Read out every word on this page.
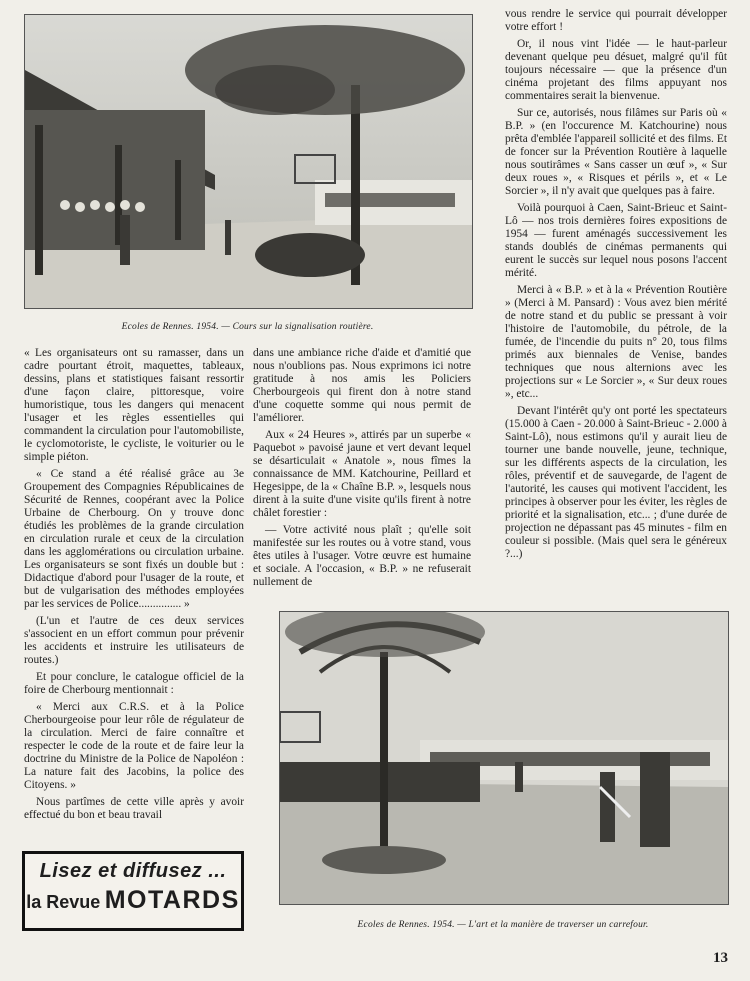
Ecoles de Rennes. 1954. — Cours sur la signalisation routière.

« Les organisateurs ont su ramasser, dans un cadre pourtant étroit, maquettes, tableaux, dessins, plans et statistiques faisant ressortir d'une façon claire, pittoresque, voire humoristique, tous les dangers qui menacent l'usager et les règles essentielles qui commandent la circulation pour l'automobiliste, le cyclomotoriste, le cycliste, le voiturier ou le simple piéton.

« Ce stand a été réalisé grâce au 3e Groupement des Compagnies Républicaines de Sécurité de Rennes, coopérant avec la Police Urbaine de Cherbourg. On y trouve donc étudiés les problèmes de la grande circulation en circulation rurale et ceux de la circulation dans les agglomérations ou circulation urbaine. Les organisateurs se sont fixés un double but : Didactique d'abord pour l'usager de la route, et but de vulgarisation des méthodes employées par les services de Police............... »

(L'un et l'autre de ces deux services s'associent en un effort commun pour prévenir les accidents et instruire les utilisateurs de routes.)

Et pour conclure, le catalogue officiel de la foire de Cherbourg mentionnait :

« Merci aux C.R.S. et à la Police Cherbourgeoise pour leur rôle de régulateur de la circulation. Merci de faire connaître et respecter le code de la route et de faire leur la doctrine du Ministre de la Police de Napoléon : La nature fait des Jacobins, la police des Citoyens. »

Nous partîmes de cette ville après y avoir effectué du bon et beau travail

dans une ambiance riche d'aide et d'amitié que nous n'oublions pas. Nous exprimons ici notre gratitude à nos amis les Policiers Cherbourgeois qui firent don à notre stand d'une coquette somme qui nous permit de l'améliorer.

Aux « 24 Heures », attirés par un superbe « Paquebot » pavoisé jaune et vert devant lequel se désarticulait « Anatole », nous fîmes la connaissance de MM. Katchourine, Peillard et Hegesippe, de la « Chaîne B.P. », lesquels nous dirent à la suite d'une visite qu'ils firent à notre châlet forestier :

— Votre activité nous plaît ; qu'elle soit manifestée sur les routes ou à votre stand, vous êtes utiles à l'usager. Votre œuvre est humaine et sociale. A l'occasion, « B.P. » ne refuserait nullement de

vous rendre le service qui pourrait développer votre effort !

Or, il nous vint l'idée — le haut-parleur devenant quelque peu désuet, malgré qu'il fût toujours nécessaire — que la présence d'un cinéma projetant des films appuyant nos commentaires serait la bienvenue.

Sur ce, autorisés, nous filâmes sur Paris où « B.P. » (en l'occurence M. Katchourine) nous prêta d'emblée l'appareil sollicité et des films. Et de foncer sur la Prévention Routière à laquelle nous soutirâmes « Sans casser un œuf », « Sur deux roues », « Risques et périls », et « Le Sorcier », il n'y avait que quelques pas à faire.

Voilà pourquoi à Caen, Saint-Brieuc et Saint-Lô — nos trois dernières foires expositions de 1954 — furent aménagés successivement les stands doublés de cinémas permanents qui eurent le succès sur lequel nous posons l'accent mérité.

Merci à « B.P. » et à la « Prévention Routière » (Merci à M. Pansard) : Vous avez bien mérité de notre stand et du public se pressant à voir l'histoire de l'automobile, du pétrole, de la fumée, de l'incendie du puits n° 20, tous films primés aux biennales de Venise, bandes techniques que nous alternions avec les projections sur « Le Sorcier », « Sur deux roues », etc...

Devant l'intérêt qu'y ont porté les spectateurs (15.000 à Caen - 20.000 à Saint-Brieuc - 2.000 à Saint-Lô), nous estimons qu'il y aurait lieu de tourner une bande nouvelle, jeune, technique, sur les différents aspects de la circulation, les rôles, préventif et de sauvegarde, de l'agent de l'autorité, les causes qui motivent l'accident, les principes à observer pour les éviter, les règles de priorité et la signalisation, etc... ; d'une durée de projection ne dépassant pas 45 minutes - film en couleur si possible. (Mais quel sera le généreux ?...)

Ecoles de Rennes. 1954. — L'art et la manière de traverser un carrefour.
Lisez et diffusez ...
la Revue MOTARDS
13
